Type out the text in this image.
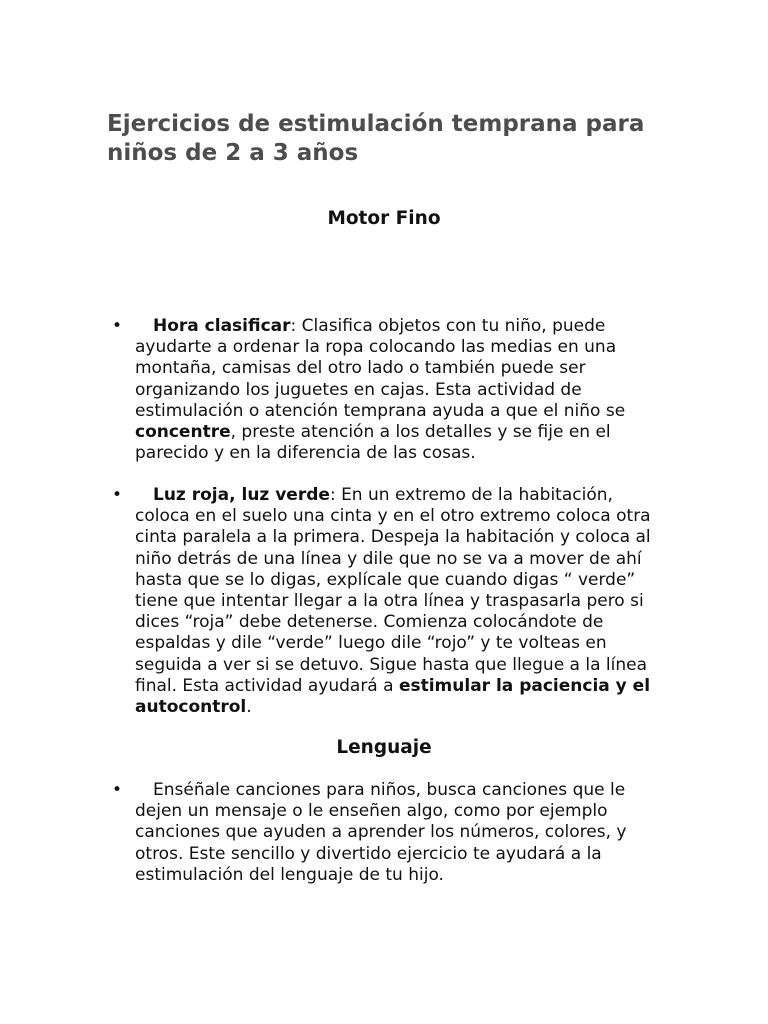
Ejercicios de estimulación temprana para niños de 2 a 3 años
Motor Fino
•	Hora clasificar: Clasifica objetos con tu niño, puede ayudarte a ordenar la ropa colocando las medias en una montaña, camisas del otro lado o también puede ser organizando los juguetes en cajas. Esta actividad de estimulación o atención temprana ayuda a que el niño se concentre, preste atención a los detalles y se fije en el parecido y en la diferencia de las cosas.

•	Luz roja, luz verde: En un extremo de la habitación, coloca en el suelo una cinta y en el otro extremo coloca otra cinta paralela a la primera. Despeja la habitación y coloca al niño detrás de una línea y dile que no se va a mover de ahí hasta que se lo digas, explícale que cuando digas “ verde” tiene que intentar llegar a la otra línea y traspasarla pero si dices “roja” debe detenerse. Comienza colocándote de espaldas y dile “verde” luego dile “rojo” y te volteas en seguida a ver si se detuvo. Sigue hasta que llegue a la línea final. Esta actividad ayudará a estimular la paciencia y el autocontrol.

Lenguaje
•	Enséñale canciones para niños, busca canciones que le dejen un mensaje o le enseñen algo, como por ejemplo canciones que ayuden a aprender los números, colores, y otros. Este sencillo y divertido ejercicio te ayudará a la estimulación del lenguaje de tu hijo.
